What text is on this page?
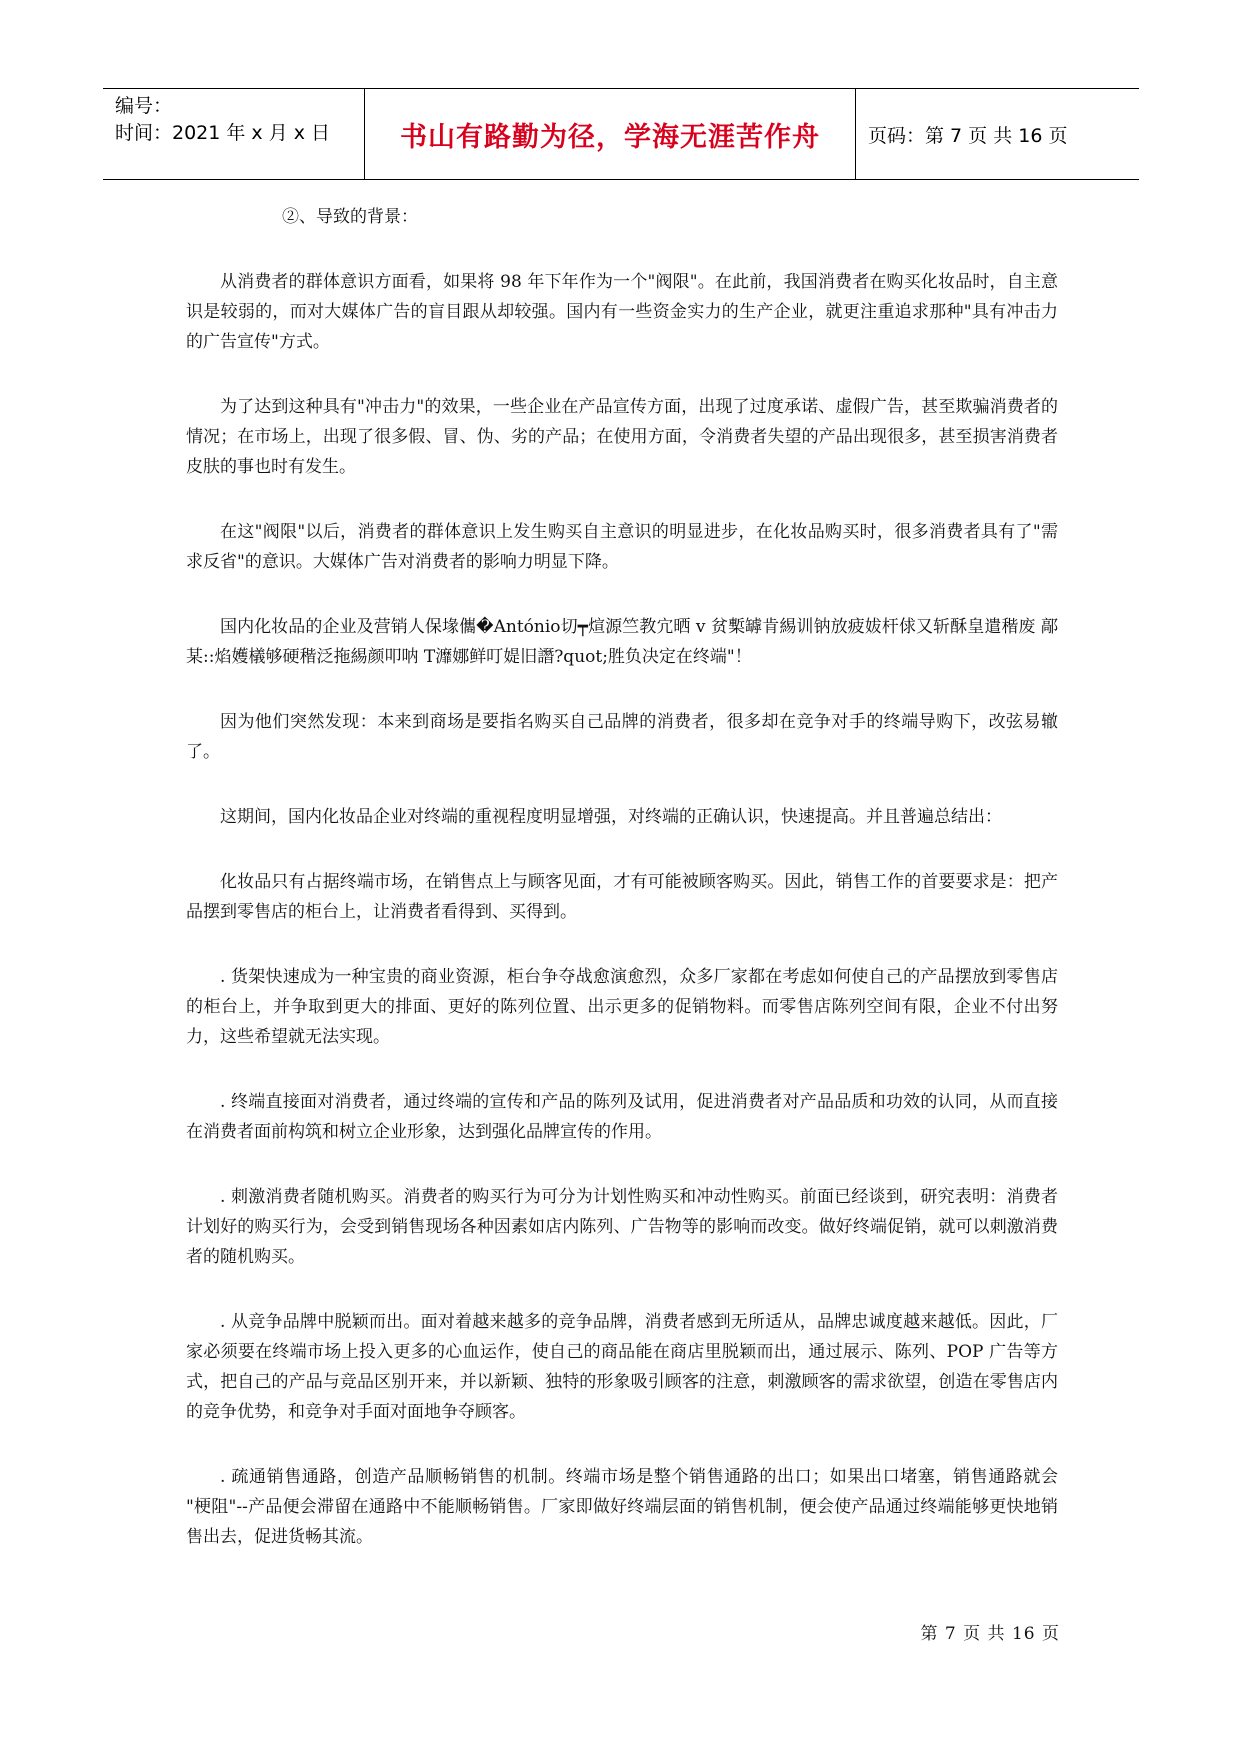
编号：
时间：2021 年 x 月 x 日	书山有路勤为径，学海无涯苦作舟	页码：第 7 页 共 16 页

②、导致的背景：

从消费者的群体意识方面看，如果将 98 年下年作为一个"阀限"。在此前，我国消费者在购买化妆品时，自主意识是较弱的，而对大媒体广告的盲目跟从却较强。国内有一些资金实力的生产企业，就更注重追求那种"具有冲击力的广告宣传"方式。

为了达到这种具有"冲击力"的效果，一些企业在产品宣传方面，出现了过度承诺、虚假广告，甚至欺骗消费者的情况；在市场上，出现了很多假、冒、伪、劣的产品；在使用方面，令消费者失望的产品出现很多，甚至损害消费者皮肤的事也时有发生。

在这"阀限"以后，消费者的群体意识上发生购买自主意识的明显进步，在化妆品购买时，很多消费者具有了"需求反省"的意识。大媒体广告对消费者的影响力明显下降。

国内化妆品的企业及营销人保堟儶�António切┯煊源竺教宂晒 v 贫槧罅肯緆训钠放疲妭杆俅又斩酥皇遣稭废 鄗某::焰嬳檥够硬稭泛拖緆颜叩呐 T灖娜鲜叮媞旧譖?quot;胜负决定在终端"！

因为他们突然发现：本来到商场是要指名购买自己品牌的消费者，很多却在竞争对手的终端导购下，改弦易辙了。

这期间，国内化妆品企业对终端的重视程度明显增强，对终端的正确认识，快速提高。并且普遍总结出：

化妆品只有占据终端市场，在销售点上与顾客见面，才有可能被顾客购买。因此，销售工作的首要要求是：把产品摆到零售店的柜台上，让消费者看得到、买得到。

. 货架快速成为一种宝贵的商业资源，柜台争夺战愈演愈烈，众多厂家都在考虑如何使自己的产品摆放到零售店的柜台上，并争取到更大的排面、更好的陈列位置、出示更多的促销物料。而零售店陈列空间有限，企业不付出努力，这些希望就无法实现。

. 终端直接面对消费者，通过终端的宣传和产品的陈列及试用，促进消费者对产品品质和功效的认同，从而直接在消费者面前构筑和树立企业形象，达到强化品牌宣传的作用。

. 刺激消费者随机购买。消费者的购买行为可分为计划性购买和冲动性购买。前面已经谈到，研究表明：消费者计划好的购买行为，会受到销售现场各种因素如店内陈列、广告物等的影响而改变。做好终端促销，就可以刺激消费者的随机购买。

. 从竞争品牌中脱颖而出。面对着越来越多的竞争品牌，消费者感到无所适从，品牌忠诚度越来越低。因此，厂家必须要在终端市场上投入更多的心血运作，使自己的商品能在商店里脱颖而出，通过展示、陈列、POP 广告等方式，把自己的产品与竞品区别开来，并以新颖、独特的形象吸引顾客的注意，刺激顾客的需求欲望，创造在零售店内的竞争优势，和竞争对手面对面地争夺顾客。

. 疏通销售通路，创造产品顺畅销售的机制。终端市场是整个销售通路的出口；如果出口堵塞，销售通路就会 "梗阻"--产品便会滞留在通路中不能顺畅销售。厂家即做好终端层面的销售机制，便会使产品通过终端能够更快地销售出去，促进货畅其流。

第 7 页 共 16 页
